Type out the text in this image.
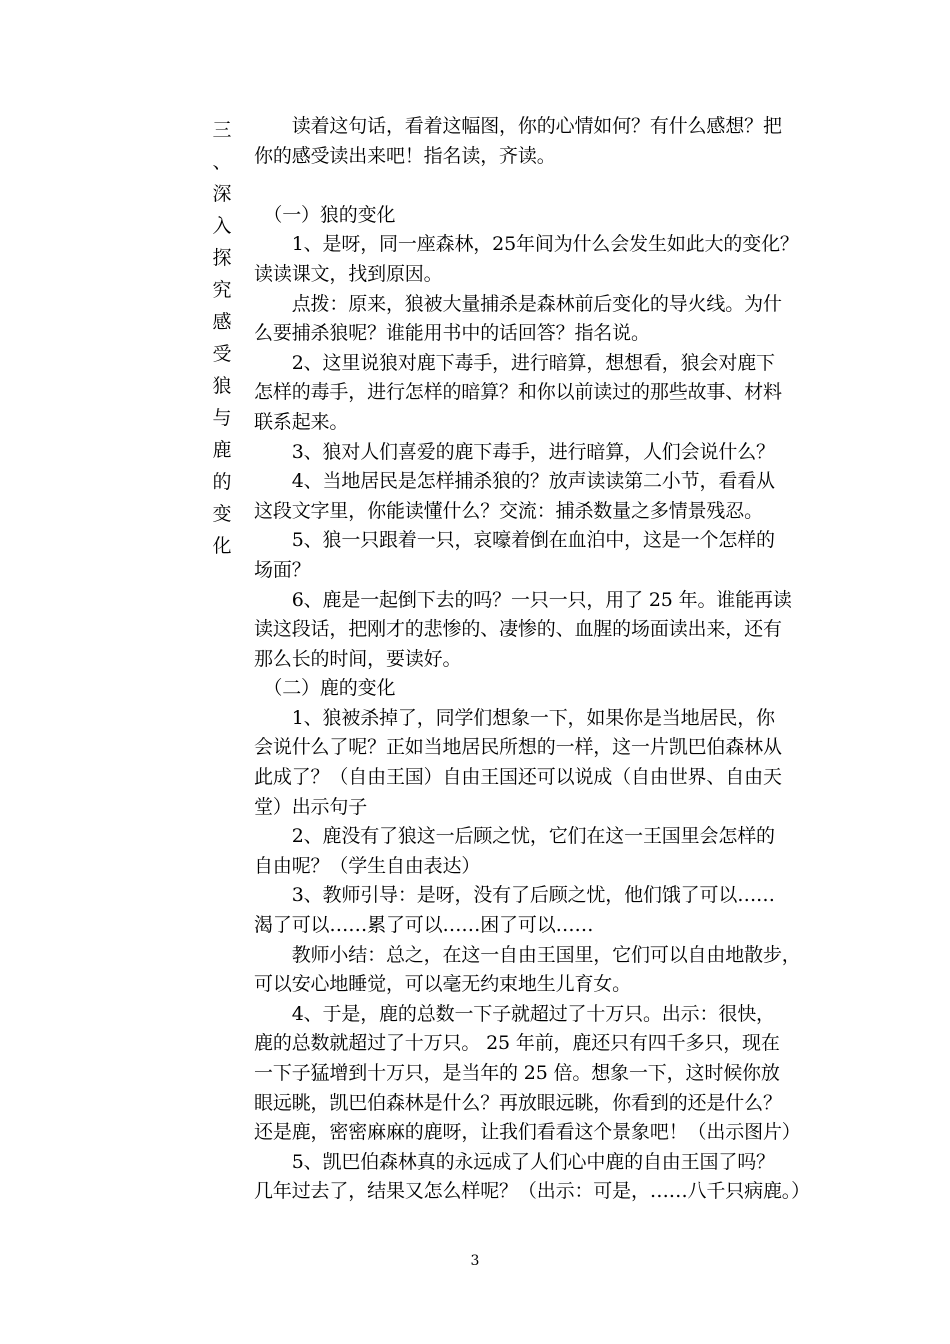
三
、
深
入
探
究
感
受
狼
与
鹿
的
变
化

　　读着这句话，看着这幅图，你的心情如何？有什么感想？把

你的感受读出来吧！指名读，齐读。

　（一）狼的变化

　　1、是呀，同一座森林，25年间为什么会发生如此大的变化？

读读课文，找到原因。

　　点拨：原来，狼被大量捕杀是森林前后变化的导火线。为什

么要捕杀狼呢？谁能用书中的话回答？指名说。

　　2、这里说狼对鹿下毒手，进行暗算，想想看，狼会对鹿下

怎样的毒手，进行怎样的暗算？和你以前读过的那些故事、材料

联系起来。

　　3、狼对人们喜爱的鹿下毒手，进行暗算，人们会说什么？

　　4、当地居民是怎样捕杀狼的？放声读读第二小节，看看从

这段文字里，你能读懂什么？交流：捕杀数量之多情景残忍。

　　5、狼一只跟着一只，哀嚎着倒在血泊中，这是一个怎样的

场面？

　　6、鹿是一起倒下去的吗？一只一只，用了 25 年。谁能再读

读这段话，把刚才的悲惨的、凄惨的、血腥的场面读出来，还有

那么长的时间，要读好。

　（二）鹿的变化

　　1、狼被杀掉了，同学们想象一下，如果你是当地居民，你

会说什么了呢？正如当地居民所想的一样，这一片凯巴伯森林从

此成了？（自由王国）自由王国还可以说成（自由世界、自由天

堂）出示句子

　　2、鹿没有了狼这一后顾之忧，它们在这一王国里会怎样的

自由呢？（学生自由表达）

　　3、教师引导：是呀，没有了后顾之忧，他们饿了可以……

渴了可以……累了可以……困了可以……

　　教师小结：总之，在这一自由王国里，它们可以自由地散步，

可以安心地睡觉，可以毫无约束地生儿育女。

　　4、于是，鹿的总数一下子就超过了十万只。出示：很快，

鹿的总数就超过了十万只。 25 年前，鹿还只有四千多只，现在

一下子猛增到十万只，是当年的 25 倍。想象一下，这时候你放

眼远眺，凯巴伯森林是什么？再放眼远眺，你看到的还是什么？

还是鹿，密密麻麻的鹿呀，让我们看看这个景象吧！（出示图片）

　　5、凯巴伯森林真的永远成了人们心中鹿的自由王国了吗？

几年过去了，结果又怎么样呢？（出示：可是，……八千只病鹿。）

3
